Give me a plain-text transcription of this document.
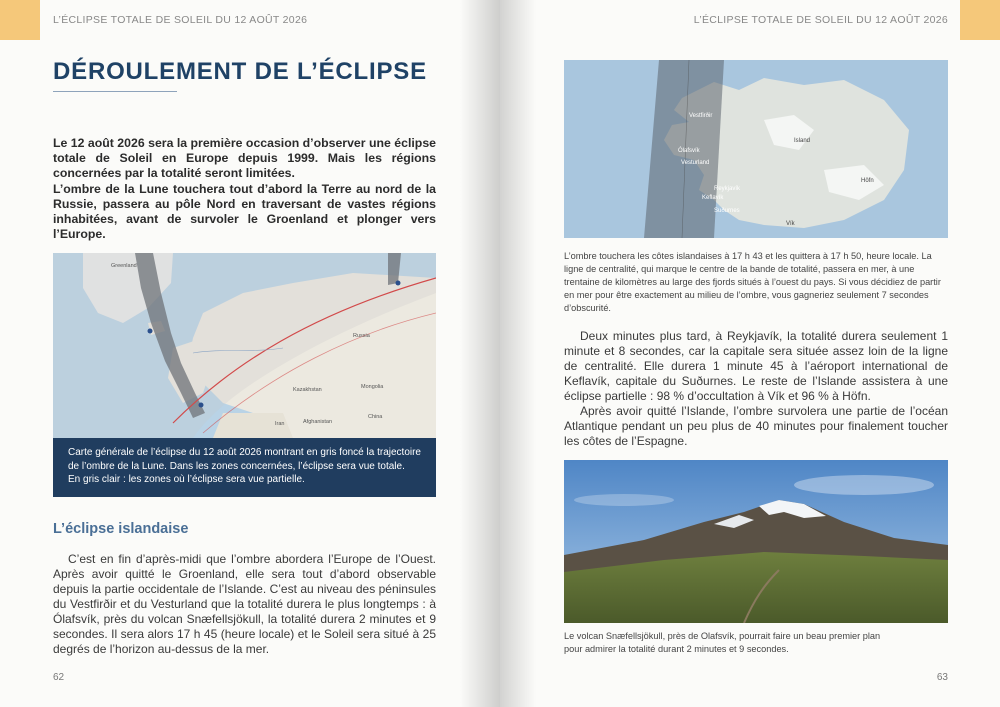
L’ÉCLIPSE TOTALE DE SOLEIL DU 12 AOÛT 2026
DÉROULEMENT DE L’ÉCLIPSE

Le 12 août 2026 sera la première occasion d’observer une éclipse totale de Soleil en Europe depuis 1999. Mais les régions concernées par la totalité seront limitées.

L’ombre de la Lune touchera tout d’abord la Terre au nord de la Russie, passera au pôle Nord en traversant de vastes régions inhabitées, avant de survoler le Groenland et plonger vers l’Europe.

Greenland
Russia
Kazakhstan	Mongolia
China
Iran	Afghanistan
Carte générale de l’éclipse du 12 août 2026 montrant en gris foncé la trajectoire
de l’ombre de la Lune. Dans les zones concernées, l’éclipse sera vue totale.
En gris clair : les zones où l’éclipse sera vue partielle.
L’éclipse islandaise

C’est en fin d’après-midi que l’ombre abordera l’Europe de l’Ouest. Après avoir quitté le Groenland, elle sera tout d’abord observable depuis la partie occidentale de l’Islande. C’est au niveau des péninsules du Vestfirðir et du Vesturland que la totalité durera le plus longtemps : à Ólafsvík, près du volcan Snæfellsjökull, la totalité durera 2 minutes et 9 secondes. Il sera alors 17 h 45 (heure locale) et le Soleil sera situé à 25 degrés de l’horizon au-dessus de la mer.

62
L’ÉCLIPSE TOTALE DE SOLEIL DU 12 AOÛT 2026
Vestfirðir
Ólafsvík
Vesturland
Island
Reykjavík
Keflavík
Suðurnes
Höfn
Vík
L’ombre touchera les côtes islandaises à 17 h 43 et les quittera à 17 h 50, heure locale. La ligne de centralité, qui marque le centre de la bande de totalité, passera en mer, à une trentaine de kilomètres au large des fjords situés à l’ouest du pays. Si vous décidiez de partir en mer pour être exactement au milieu de l’ombre, vous gagneriez seulement 7 secondes d’obscurité.

Deux minutes plus tard, à Reykjavík, la totalité durera seulement 1 minute et 8 secondes, car la capitale sera située assez loin de la ligne de centralité. Elle durera 1 minute 45 à l’aéroport international de Keflavík, capitale du Suðurnes. Le reste de l’Islande assistera à une éclipse partielle : 98 % d’occultation à Vík et 96 % à Höfn.

Après avoir quitté l’Islande, l’ombre survolera une partie de l’océan Atlantique pendant un peu plus de 40 minutes pour finalement toucher les côtes de l’Espagne.

Le volcan Snæfellsjökull, près de Olafsvík, pourrait faire un beau premier plan
pour admirer la totalité durant 2 minutes et 9 secondes.
63
